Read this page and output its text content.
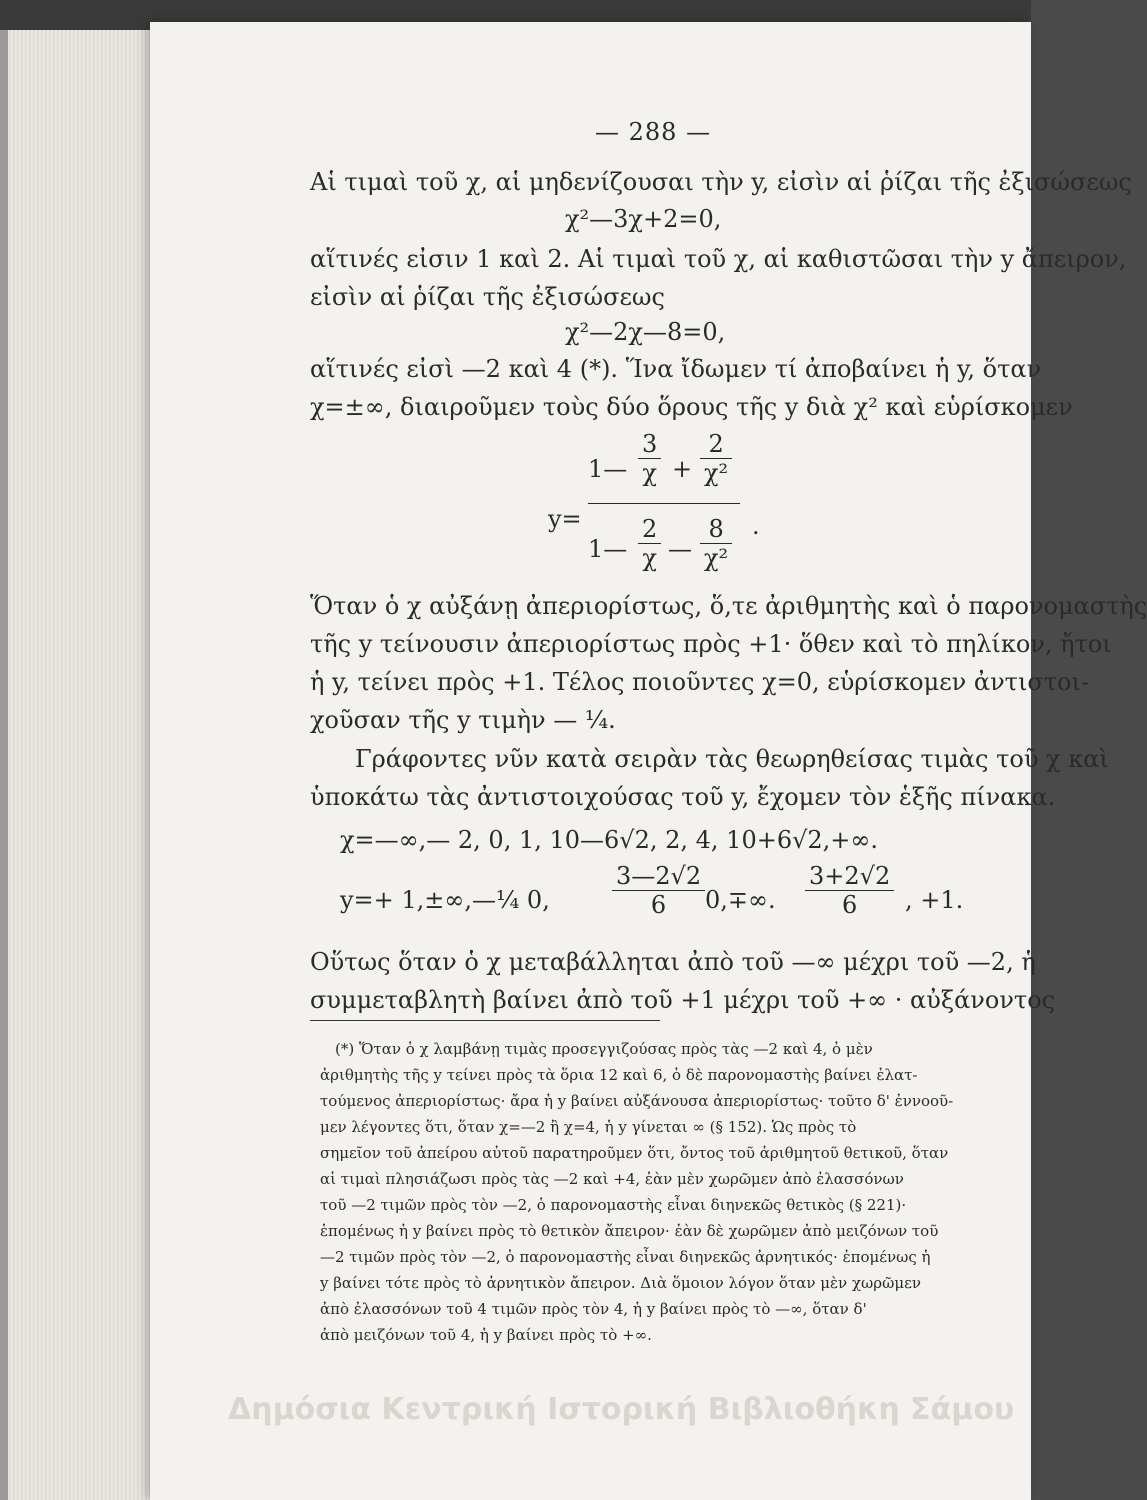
— 288 —
Αἱ τιμαὶ τοῦ χ, αἱ μηδενίζουσαι τὴν y, εἰσὶν αἱ ῥίζαι τῆς ἐξισώσεως
χ²—3χ+2=0,
αἵτινές εἰσιν 1 καὶ 2. Αἱ τιμαὶ τοῦ χ, αἱ καθιστῶσαι τὴν y ἄπειρον,
εἰσὶν αἱ ῥίζαι τῆς ἐξισώσεως
χ²—2χ—8=0,
αἵτινές εἰσὶ —2 καὶ 4 (*). Ἵνα ἴδωμεν τί ἀποβαίνει ἡ y, ὅταν
χ=±∞, διαιροῦμεν τοὺς δύο ὅρους τῆς y διὰ χ² καὶ εὑρίσκομεν
y=
1— $\frac{3}{\chi} + \frac{2}{\text{χ²}}$
1— $\frac{2}{\chi}$ — $\frac{8}{\text{χ²}}$ .
Ὅταν ὁ χ αὐξάνῃ ἀπεριορίστως, ὅ,τε ἀριθμητὴς καὶ ὁ παρονομαστὴς
τῆς y τείνουσιν ἀπεριορίστως πρὸς +1· ὅθεν καὶ τὸ πηλίκον, ἤτοι
ἡ y, τείνει πρὸς +1. Τέλος ποιοῦντες χ=0, εὑρίσκομεν ἀντιστοι-
χοῦσαν τῆς y τιμὴν — ¼.
Γράφοντες νῦν κατὰ σειρὰν τὰς θεωρηθείσας τιμὰς τοῦ χ καὶ
ὑποκάτω τὰς ἀντιστοιχούσας τοῦ y, ἔχομεν τὸν ἑξῆς πίνακα.
χ=—∞,— 2, 0, 1, 10—6√2, 2, 4, 10+6√2,+∞.
y=+ 1,±∞,—¼ 0,	$\frac{3—2√2}{6} 0,\mp\infty$. $\frac{3+2√2}{6}$ , +1.
Οὕτως ὅταν ὁ χ μεταβάλληται ἀπὸ τοῦ —∞ μέχρι τοῦ —2, ἡ
συμμεταβλητὴ βαίνει ἀπὸ τοῦ +1 μέχρι τοῦ +∞ · αὐξάνοντος
(*) Ὅταν ὁ χ λαμβάνῃ τιμὰς προσεγγιζούσας πρὸς τὰς —2 καὶ 4, ὁ μὲν
ἀριθμητὴς τῆς y τείνει πρὸς τὰ ὅρια 12 καὶ 6, ὁ δὲ παρονομαστὴς βαίνει ἐλατ-
τούμενος ἀπεριορίστως· ἄρα ἡ y βαίνει αὐξάνουσα ἀπεριορίστως· τοῦτο δ' ἐννοοῦ-
μεν λέγοντες ὅτι, ὅταν χ=—2 ἢ χ=4, ἡ y γίνεται ∞ (§ 152). Ὡς πρὸς τὸ
σημεῖον τοῦ ἀπείρου αὐτοῦ παρατηροῦμεν ὅτι, ὄντος τοῦ ἀριθμητοῦ θετικοῦ, ὅταν
αἱ τιμαὶ πλησιάζωσι πρὸς τὰς —2 καὶ +4, ἐὰν μὲν χωρῶμεν ἀπὸ ἐλασσόνων
τοῦ —2 τιμῶν πρὸς τὸν —2, ὁ παρονομαστὴς εἶναι διηνεκῶς θετικὸς (§ 221)·
ἑπομένως ἡ y βαίνει πρὸς τὸ θετικὸν ἄπειρον· ἐὰν δὲ χωρῶμεν ἀπὸ μειζόνων τοῦ
—2 τιμῶν πρὸς τὸν —2, ὁ παρονομαστὴς εἶναι διηνεκῶς ἀρνητικός· ἑπομένως ἡ
y βαίνει τότε πρὸς τὸ ἀρνητικὸν ἄπειρον. Διὰ ὅμοιον λόγον ὅταν μὲν χωρῶμεν
ἀπὸ ἐλασσόνων τοῦ 4 τιμῶν πρὸς τὸν 4, ἡ y βαίνει πρὸς τὸ —∞, ὅταν δ'
ἀπὸ μειζόνων τοῦ 4, ἡ y βαίνει πρὸς τὸ +∞.
Δημόσια Κεντρική Ιστορική Βιβλιοθήκη Σάμου
